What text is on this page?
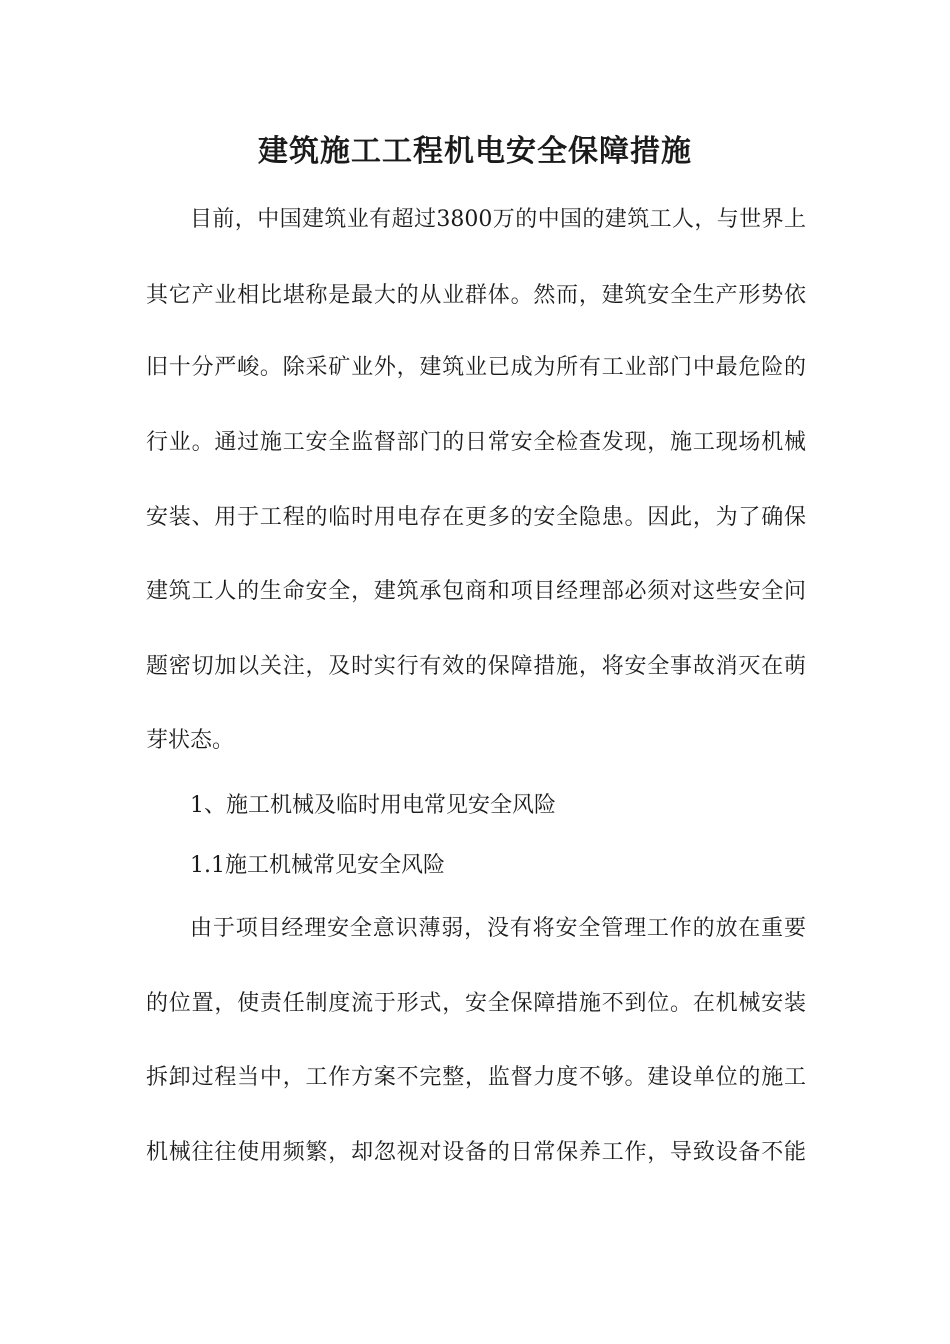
建筑施工工程机电安全保障措施

目前，中国建筑业有超过3800万的中国的建筑工人，与世界上

其它产业相比堪称是最大的从业群体。然而，建筑安全生产形势依

旧十分严峻。除采矿业外，建筑业已成为所有工业部门中最危险的

行业。通过施工安全监督部门的日常安全检查发现，施工现场机械

安装、用于工程的临时用电存在更多的安全隐患。因此，为了确保

建筑工人的生命安全，建筑承包商和项目经理部必须对这些安全问

题密切加以关注，及时实行有效的保障措施，将安全事故消灭在萌

芽状态。

1、施工机械及临时用电常见安全风险

1.1施工机械常见安全风险

由于项目经理安全意识薄弱，没有将安全管理工作的放在重要

的位置，使责任制度流于形式，安全保障措施不到位。在机械安装

拆卸过程当中，工作方案不完整，监督力度不够。建设单位的施工

机械往往使用频繁，却忽视对设备的日常保养工作，导致设备不能
